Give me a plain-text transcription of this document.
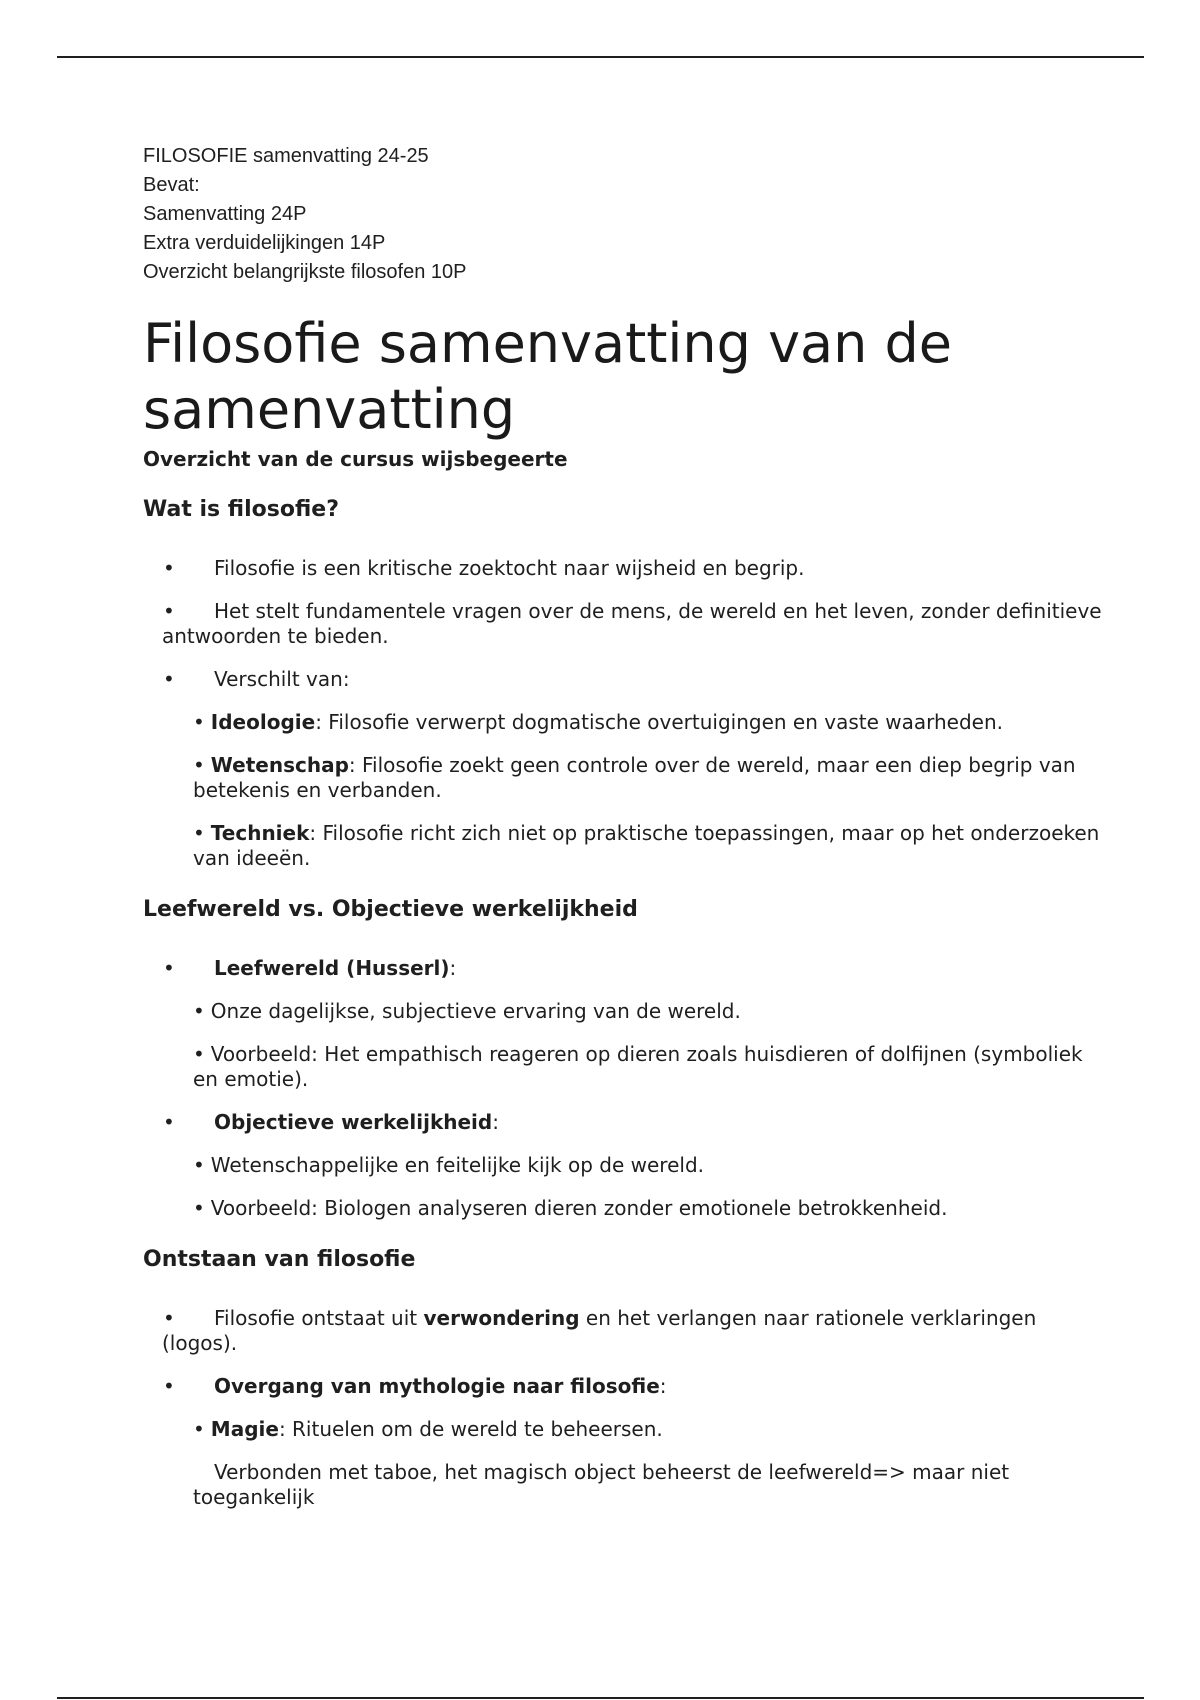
FILOSOFIE samenvatting 24-25
Bevat:
Samenvatting 24P
Extra verduidelijkingen 14P
Overzicht belangrijkste filosofen 10P
Filosofie samenvatting van de samenvatting
Overzicht van de cursus wijsbegeerte
Wat is filosofie?
•	Filosofie is een kritische zoektocht naar wijsheid en begrip.
•	Het stelt fundamentele vragen over de mens, de wereld en het leven, zonder definitieve antwoorden te bieden.
•	Verschilt van:
• Ideologie: Filosofie verwerpt dogmatische overtuigingen en vaste waarheden.
• Wetenschap: Filosofie zoekt geen controle over de wereld, maar een diep begrip van betekenis en verbanden.
• Techniek: Filosofie richt zich niet op praktische toepassingen, maar op het onderzoeken van ideeën.
Leefwereld vs. Objectieve werkelijkheid
•	Leefwereld (Husserl):
• Onze dagelijkse, subjectieve ervaring van de wereld.
• Voorbeeld: Het empathisch reageren op dieren zoals huisdieren of dolfijnen (symboliek en emotie).
•	Objectieve werkelijkheid:
• Wetenschappelijke en feitelijke kijk op de wereld.
• Voorbeeld: Biologen analyseren dieren zonder emotionele betrokkenheid.
Ontstaan van filosofie
•	Filosofie ontstaat uit verwondering en het verlangen naar rationele verklaringen (logos).
•	Overgang van mythologie naar filosofie:
• Magie: Rituelen om de wereld te beheersen.
Verbonden met taboe, het magisch object beheerst de leefwereld=> maar niet toegankelijk
